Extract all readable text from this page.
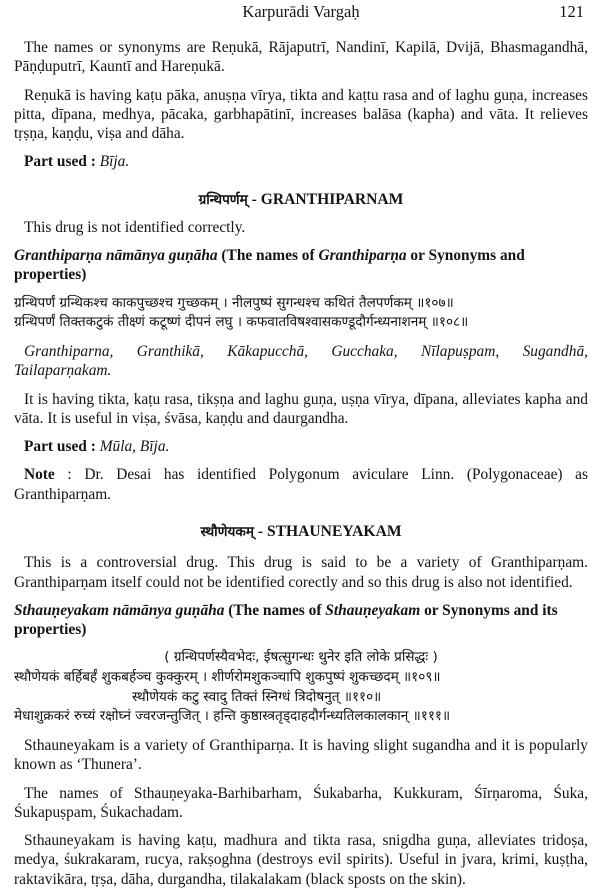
Karpurādi Vargaḥ	121

The names or synonyms are Reṇukā, Rājaputrī, Nandinī, Kapilā, Dvijā, Bhasmagandhā, Pāṇḍuputrī, Kauntī and Hareṇukā.

Reṇukā is having kaṭu pāka, anuṣṇa vīrya, tikta and kaṭtu rasa and of laghu guṇa, increases pitta, dīpana, medhya, pācaka, garbhapātinī, increases balāsa (kapha) and vāta. It relieves tṛṣṇa, kaṇḍu, viṣa and dāha.

Part used : Bīja.

ग्रन्थिपर्णम् - GRANTHIPARNAM

This drug is not identified correctly.

Granthiparṇa nāmānya guṇāha (The names of Granthiparṇa or Synonyms and properties)

ग्रन्थिपर्णं ग्रन्थिकश्च काकपुच्छश्च गुच्छकम् । नीलपुष्पं सुगन्धश्च कथितं तैलपर्णकम् ॥१०७॥

ग्रन्थिपर्णं तिक्तकटुकं तीक्ष्णं कटूष्णं दीपनं लघु । कफवातविषश्वासकण्डूदौर्गन्ध्यनाशनम् ॥१०८॥

Granthiparna, Granthikā, Kākapucchā, Gucchaka, Nīlapuṣpam, Sugandhā, Tailaparṇakam.

It is having tikta, kaṭu rasa, tikṣṇa and laghu guṇa, uṣṇa vīrya, dīpana, alleviates kapha and vāta. It is useful in viṣa, śvāsa, kaṇḍu and daurgandha.

Part used : Mūla, Bīja.

Note : Dr. Desai has identified Polygonum aviculare Linn. (Polygonaceae) as Granthiparṇam.

स्थौणेयकम् - STHAUNEYAKAM

This is a controversial drug. This drug is said to be a variety of Granthiparṇam. Granthiparṇam itself could not be identified corectly and so this drug is also not identified.

Sthauṇeyakam nāmānya guṇāha (The names of Sthauṇeyakam or Synonyms and its properties)

( ग्रन्थिपर्णस्यैवभेदः, ईषत्सुगन्धः थुनेर इति लोके प्रसिद्धः )

स्थौणेयकं बर्हिबर्हं शुकबर्हञ्च कुक्कुरम् । शीर्णरोमशुकञ्चापि शुकपुष्पं शुकच्छदम् ॥१०९॥

स्थौणेयकं कटु स्वादु तिक्तं स्निग्धं त्रिदोषनुत् ॥११०॥

मेधाशुक्रकरं रुच्यं रक्षोघ्नं ज्वरजन्तुजित् । हन्ति कुष्ठास्त्रतृड्दाहदौर्गन्ध्यतिलकालकान् ॥१११॥

Sthauneyakam is a variety of Granthiparṇa. It is having slight sugandha and it is popularly known as ‘Thunera’.

The names of Sthauṇeyaka-Barhibarham, Śukabarha, Kukkuram, Śīrṇaroma, Śuka, Śukapuṣpam, Śukachadam.

Sthauneyakam is having kaṭu, madhura and tikta rasa, snigdha guṇa, alleviates tridoṣa, medya, śukrakaram, rucya, rakṣoghna (destroys evil spirits). Useful in jvara, krimi, kuṣṭha, raktavikāra, tṛṣa, dāha, durgandha, tilakalakam (black sposts on the skin).
